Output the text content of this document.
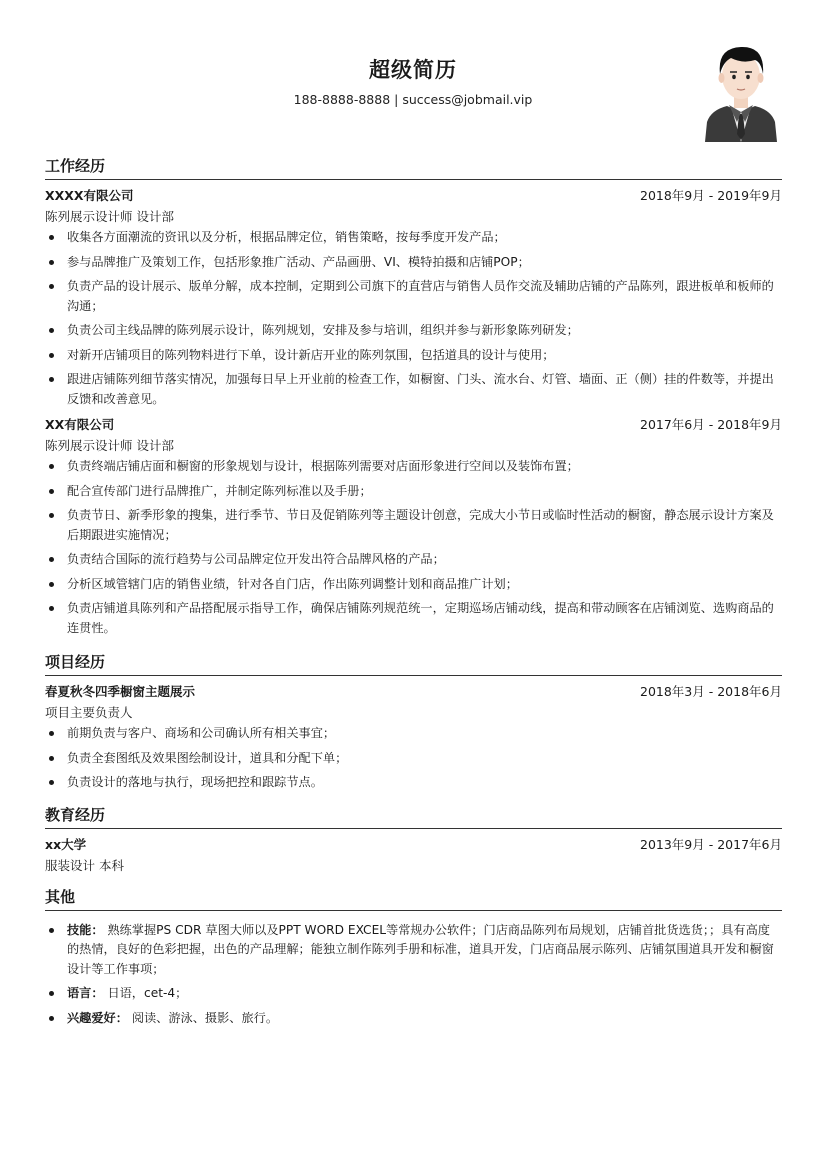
超级简历
188-8888-8888 | success@jobmail.vip
工作经历
XXXX有限公司	2018年9月 - 2019年9月
陈列展示设计师 设计部
收集各方面潮流的资讯以及分析，根据品牌定位，销售策略，按每季度开发产品；
参与品牌推广及策划工作，包括形象推广活动、产品画册、VI、模特拍摄和店铺POP；
负责产品的设计展示、版单分解，成本控制，定期到公司旗下的直营店与销售人员作交流及辅助店铺的产品陈列，跟进板单和板师的沟通；
负责公司主线品牌的陈列展示设计，陈列规划，安排及参与培训，组织并参与新形象陈列研发；
对新开店铺项目的陈列物料进行下单，设计新店开业的陈列氛围，包括道具的设计与使用；
跟进店铺陈列细节落实情况，加强每日早上开业前的检查工作，如橱窗、门头、流水台、灯管、墙面、正（侧）挂的件数等，并提出反馈和改善意见。
XX有限公司	2017年6月 - 2018年9月
陈列展示设计师 设计部
负责终端店铺店面和橱窗的形象规划与设计，根据陈列需要对店面形象进行空间以及装饰布置；
配合宣传部门进行品牌推广，并制定陈列标准以及手册；
负责节日、新季形象的搜集，进行季节、节日及促销陈列等主题设计创意，完成大小节日或临时性活动的橱窗，静态展示设计方案及后期跟进实施情况；
负责结合国际的流行趋势与公司品牌定位开发出符合品牌风格的产品；
分析区域管辖门店的销售业绩，针对各自门店，作出陈列调整计划和商品推广计划；
负责店铺道具陈列和产品搭配展示指导工作，确保店铺陈列规范统一，定期巡场店铺动线，提高和带动顾客在店铺浏览、选购商品的连贯性。
项目经历
春夏秋冬四季橱窗主题展示	2018年3月 - 2018年6月
项目主要负责人
前期负责与客户、商场和公司确认所有相关事宜；
负责全套图纸及效果图绘制设计，道具和分配下单；
负责设计的落地与执行，现场把控和跟踪节点。
教育经历
xx大学	2013年9月 - 2017年6月
服装设计 本科
其他
技能： 熟练掌握PS CDR 草图大师以及PPT WORD EXCEL等常规办公软件；门店商品陈列布局规划，店铺首批货选货；；具有高度的热情，良好的色彩把握，出色的产品理解；能独立制作陈列手册和标准，道具开发，门店商品展示陈列、店铺氛围道具开发和橱窗设计等工作事项；
语言： 日语，cet-4；
兴趣爱好： 阅读、游泳、摄影、旅行。
